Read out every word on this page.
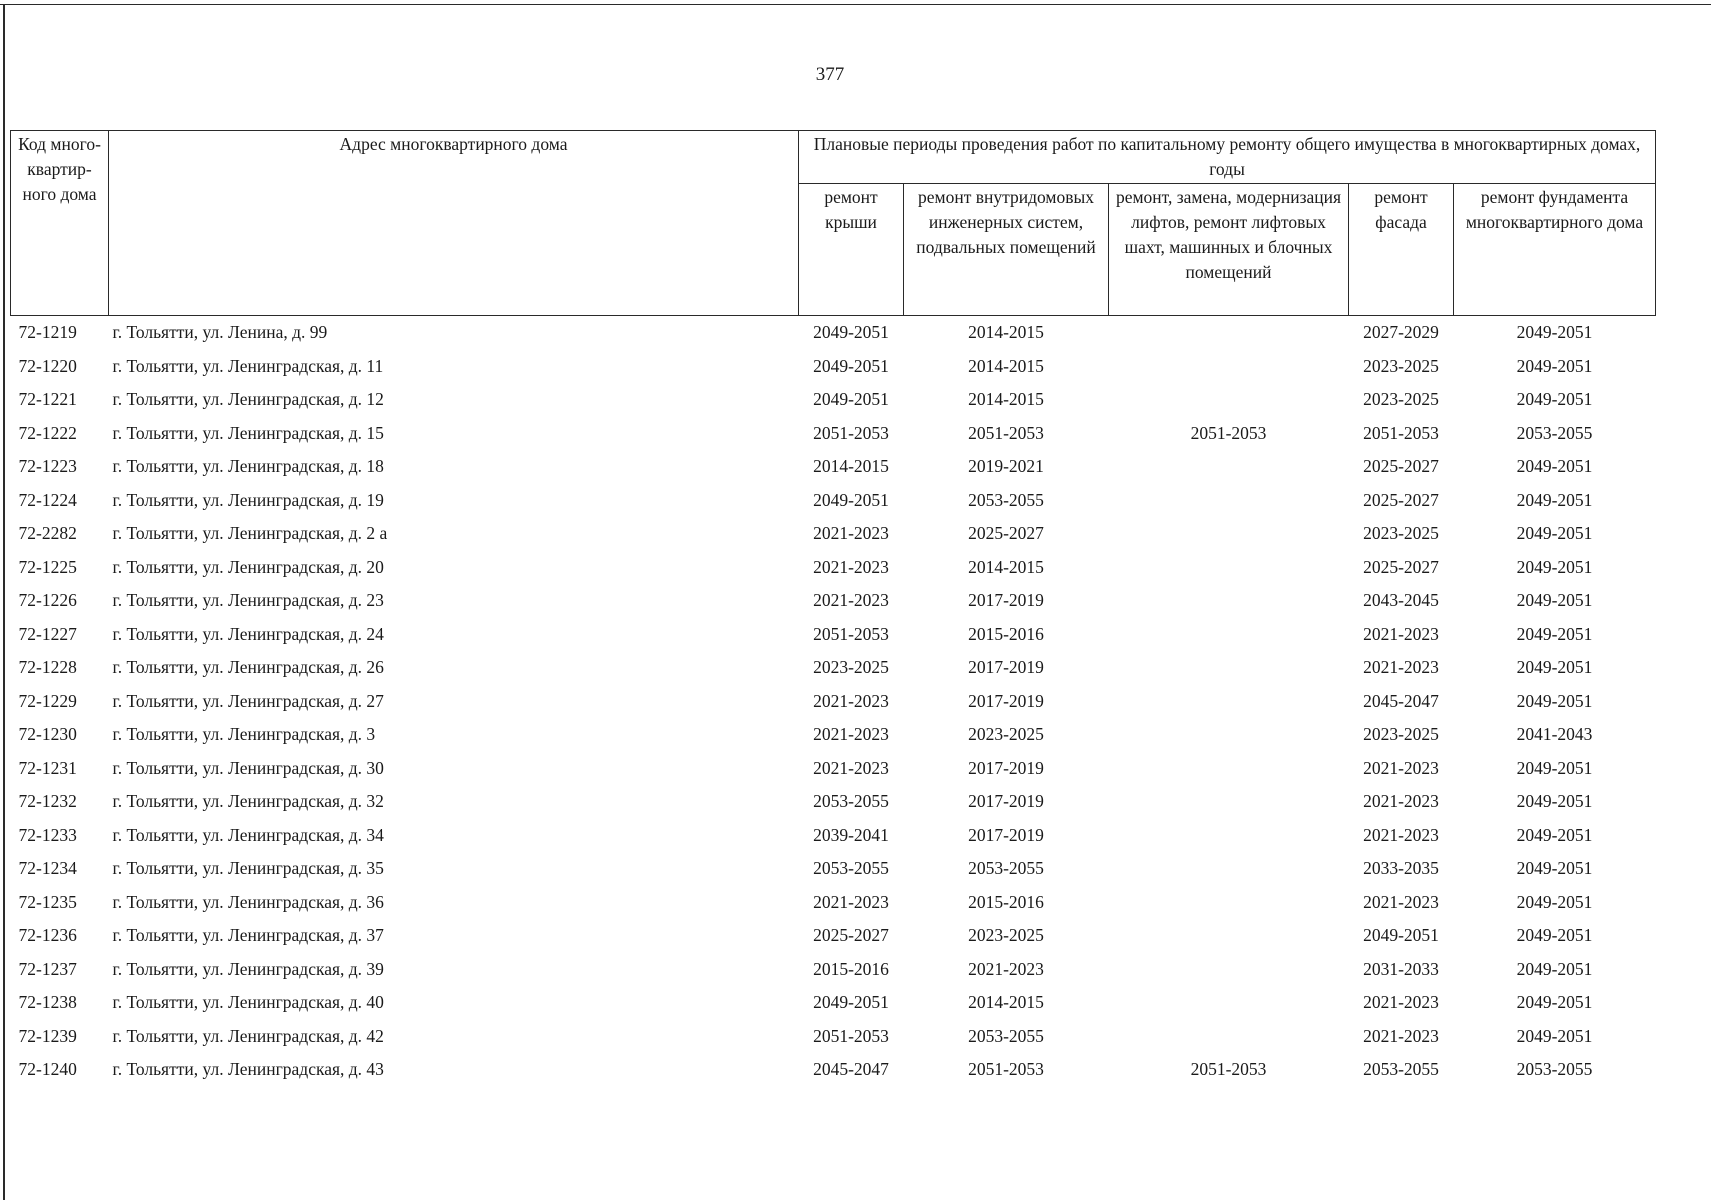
377
Код много-квартир-ного дома	Адрес многоквартирного дома	Плановые периоды проведения работ по капитальному ремонту общего имущества в многоквартирных домах, годы				
		ремонт крыши	ремонт внутридомовых инженерных систем, подвальных помещений	ремонт, замена, модернизация лифтов, ремонт лифтовых шахт, машинных и блочных помещений	ремонт фасада	ремонт фундамента многоквартирного дома
72-1219	г. Тольятти, ул. Ленина, д. 99	2049-2051	2014-2015		2027-2029	2049-2051
72-1220	г. Тольятти, ул. Ленинградская, д. 11	2049-2051	2014-2015		2023-2025	2049-2051
72-1221	г. Тольятти, ул. Ленинградская, д. 12	2049-2051	2014-2015		2023-2025	2049-2051
72-1222	г. Тольятти, ул. Ленинградская, д. 15	2051-2053	2051-2053	2051-2053	2051-2053	2053-2055
72-1223	г. Тольятти, ул. Ленинградская, д. 18	2014-2015	2019-2021		2025-2027	2049-2051
72-1224	г. Тольятти, ул. Ленинградская, д. 19	2049-2051	2053-2055		2025-2027	2049-2051
72-2282	г. Тольятти, ул. Ленинградская, д. 2 а	2021-2023	2025-2027		2023-2025	2049-2051
72-1225	г. Тольятти, ул. Ленинградская, д. 20	2021-2023	2014-2015		2025-2027	2049-2051
72-1226	г. Тольятти, ул. Ленинградская, д. 23	2021-2023	2017-2019		2043-2045	2049-2051
72-1227	г. Тольятти, ул. Ленинградская, д. 24	2051-2053	2015-2016		2021-2023	2049-2051
72-1228	г. Тольятти, ул. Ленинградская, д. 26	2023-2025	2017-2019		2021-2023	2049-2051
72-1229	г. Тольятти, ул. Ленинградская, д. 27	2021-2023	2017-2019		2045-2047	2049-2051
72-1230	г. Тольятти, ул. Ленинградская, д. 3	2021-2023	2023-2025		2023-2025	2041-2043
72-1231	г. Тольятти, ул. Ленинградская, д. 30	2021-2023	2017-2019		2021-2023	2049-2051
72-1232	г. Тольятти, ул. Ленинградская, д. 32	2053-2055	2017-2019		2021-2023	2049-2051
72-1233	г. Тольятти, ул. Ленинградская, д. 34	2039-2041	2017-2019		2021-2023	2049-2051
72-1234	г. Тольятти, ул. Ленинградская, д. 35	2053-2055	2053-2055		2033-2035	2049-2051
72-1235	г. Тольятти, ул. Ленинградская, д. 36	2021-2023	2015-2016		2021-2023	2049-2051
72-1236	г. Тольятти, ул. Ленинградская, д. 37	2025-2027	2023-2025		2049-2051	2049-2051
72-1237	г. Тольятти, ул. Ленинградская, д. 39	2015-2016	2021-2023		2031-2033	2049-2051
72-1238	г. Тольятти, ул. Ленинградская, д. 40	2049-2051	2014-2015		2021-2023	2049-2051
72-1239	г. Тольятти, ул. Ленинградская, д. 42	2051-2053	2053-2055		2021-2023	2049-2051
72-1240	г. Тольятти, ул. Ленинградская, д. 43	2045-2047	2051-2053	2051-2053	2053-2055	2053-2055
